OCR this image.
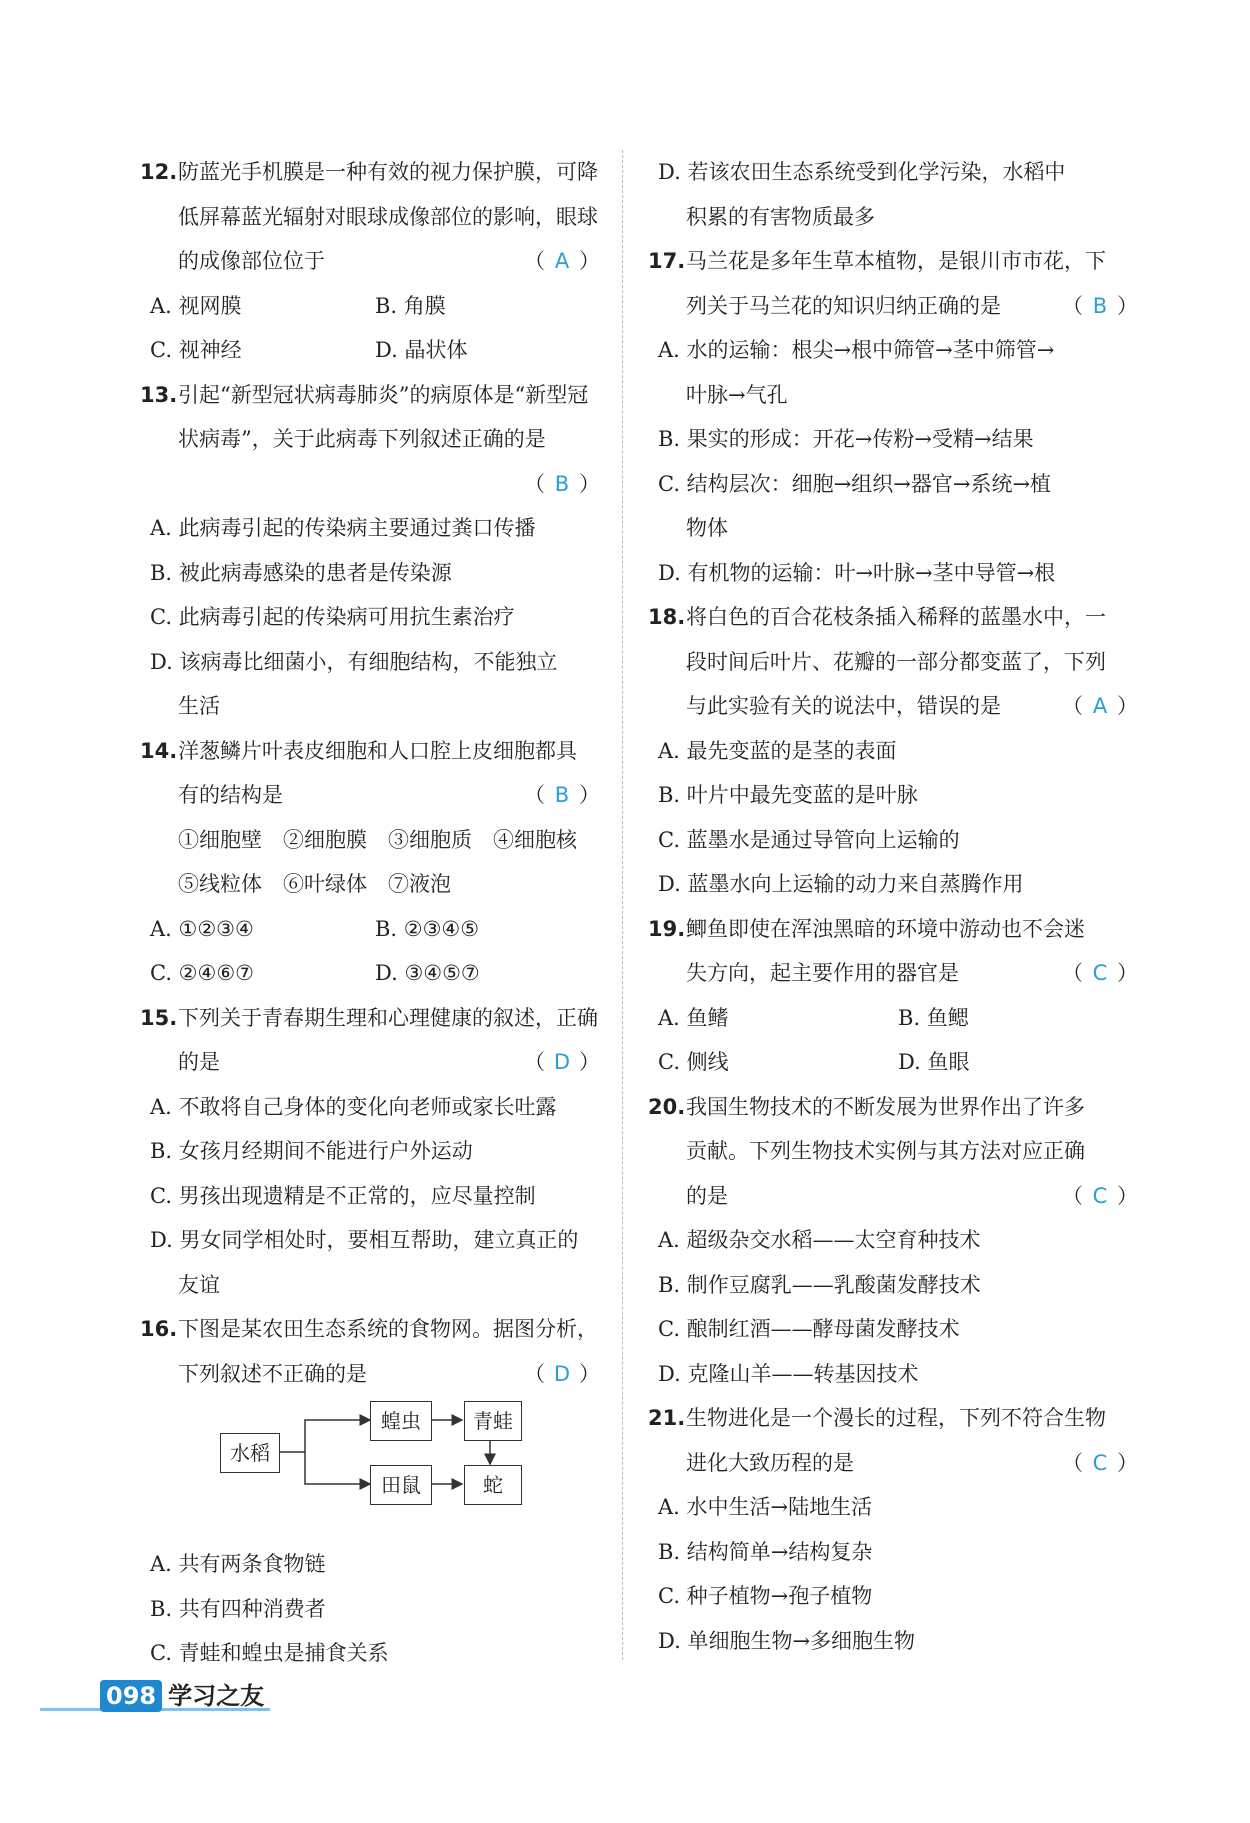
12.防蓝光手机膜是一种有效的视力保护膜，可降
低屏幕蓝光辐射对眼球成像部位的影响，眼球
的成像部位位于	（ A ）
A. 视网膜	B. 角膜
C. 视神经	D. 晶状体
13.引起“新型冠状病毒肺炎”的病原体是“新型冠
状病毒”，关于此病毒下列叙述正确的是
（ B ）
A. 此病毒引起的传染病主要通过粪口传播
B. 被此病毒感染的患者是传染源
C. 此病毒引起的传染病可用抗生素治疗
D. 该病毒比细菌小，有细胞结构，不能独立
生活
14.洋葱鳞片叶表皮细胞和人口腔上皮细胞都具
有的结构是	（ B ）
①细胞壁　②细胞膜　③细胞质　④细胞核
⑤线粒体　⑥叶绿体　⑦液泡
A. ①②③④	B. ②③④⑤
C. ②④⑥⑦	D. ③④⑤⑦
15.下列关于青春期生理和心理健康的叙述，正确
的是	（ D ）
A. 不敢将自己身体的变化向老师或家长吐露
B. 女孩月经期间不能进行户外运动
C. 男孩出现遗精是不正常的，应尽量控制
D. 男女同学相处时，要相互帮助，建立真正的
友谊
16.下图是某农田生态系统的食物网。据图分析，
下列叙述不正确的是	（ D ）
水稻
蝗虫	青蛙
田鼠	蛇
A. 共有两条食物链
B. 共有四种消费者
C. 青蛙和蝗虫是捕食关系
D. 若该农田生态系统受到化学污染，水稻中
积累的有害物质最多
17.马兰花是多年生草本植物，是银川市市花，下
列关于马兰花的知识归纳正确的是	（ B ）
A. 水的运输：根尖→根中筛管→茎中筛管→
叶脉→气孔
B. 果实的形成：开花→传粉→受精→结果
C. 结构层次：细胞→组织→器官→系统→植
物体
D. 有机物的运输：叶→叶脉→茎中导管→根
18.将白色的百合花枝条插入稀释的蓝墨水中，一
段时间后叶片、花瓣的一部分都变蓝了，下列
与此实验有关的说法中，错误的是	（ A ）
A. 最先变蓝的是茎的表面
B. 叶片中最先变蓝的是叶脉
C. 蓝墨水是通过导管向上运输的
D. 蓝墨水向上运输的动力来自蒸腾作用
19.鲫鱼即使在浑浊黑暗的环境中游动也不会迷
失方向，起主要作用的器官是	（ C ）
A. 鱼鳍	B. 鱼鳃
C. 侧线	D. 鱼眼
20.我国生物技术的不断发展为世界作出了许多
贡献。下列生物技术实例与其方法对应正确
的是	（ C ）
A. 超级杂交水稻——太空育种技术
B. 制作豆腐乳——乳酸菌发酵技术
C. 酿制红酒——酵母菌发酵技术
D. 克隆山羊——转基因技术
21.生物进化是一个漫长的过程，下列不符合生物
进化大致历程的是	（ C ）
A. 水中生活→陆地生活
B. 结构简单→结构复杂
C. 种子植物→孢子植物
D. 单细胞生物→多细胞生物
098 学习之友
